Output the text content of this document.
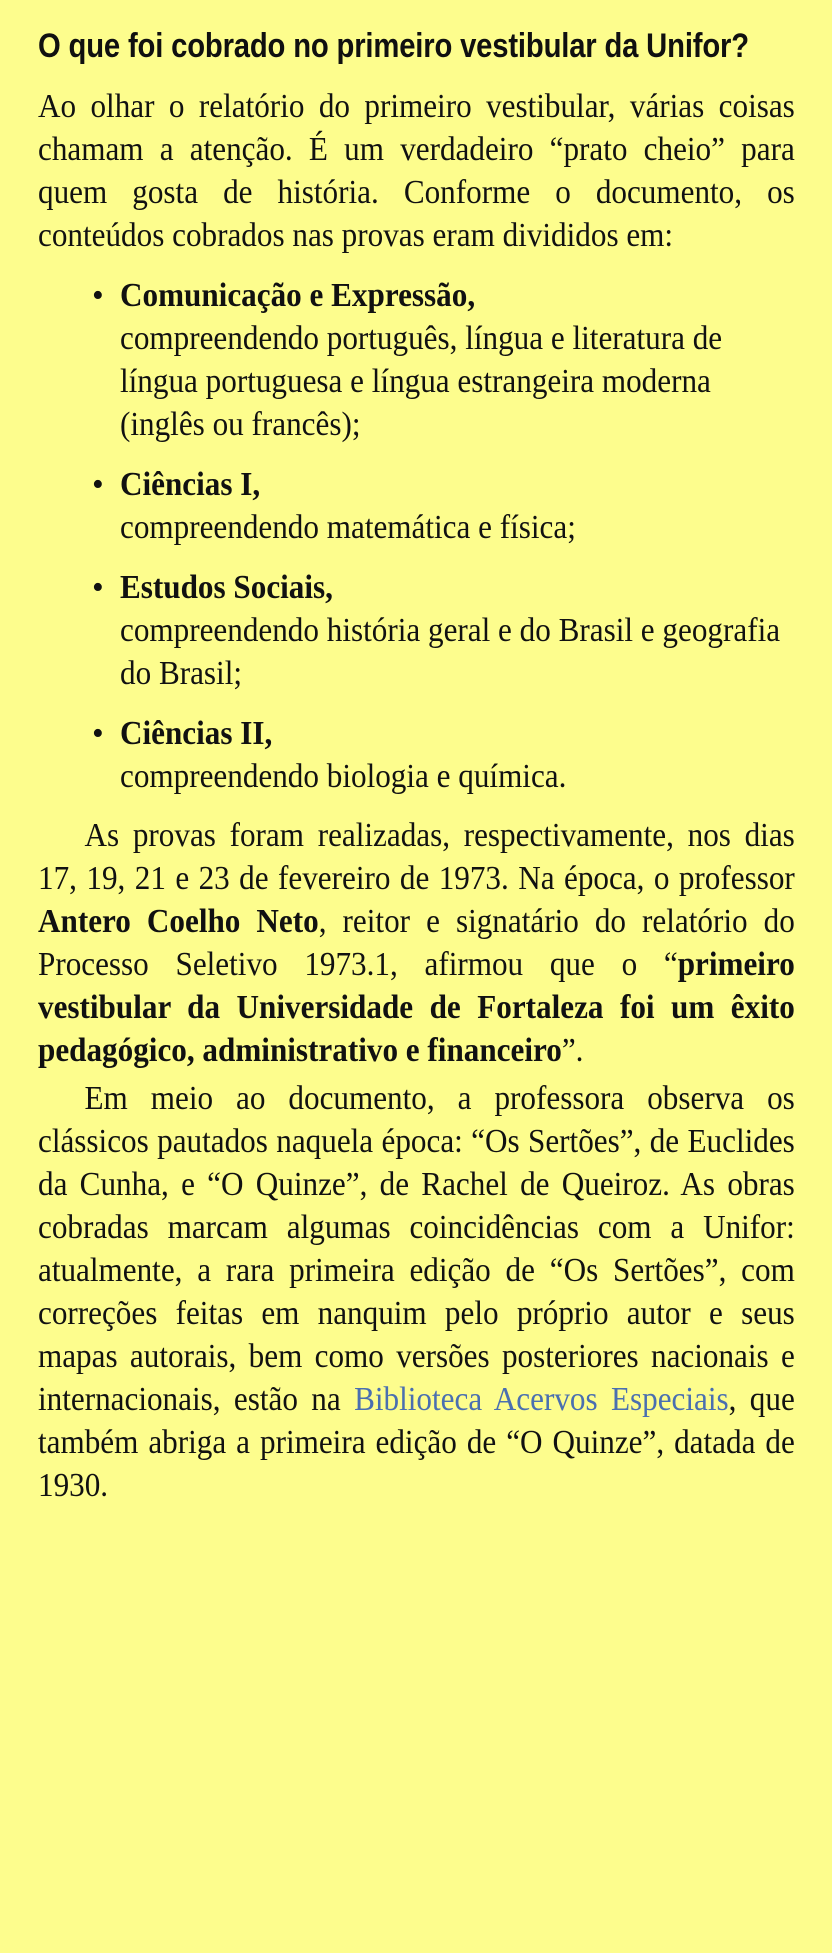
O que foi cobrado no primeiro vestibular da Unifor?

Ao olhar o relatório do primeiro vestibular, várias coisas chamam a atenção. É um verdadeiro “prato cheio” para quem gosta de história. Conforme o documento, os conteúdos cobrados nas provas eram divididos em:

• Comunicação e Expressão,
compreendendo português, língua e literatura de língua portuguesa e língua estrangeira moderna (inglês ou francês);
• Ciências I,
compreendendo matemática e física;
• Estudos Sociais,
compreendendo história geral e do Brasil e geografia do Brasil;
• Ciências II,
compreendendo biologia e química.

As provas foram realizadas, respectivamente, nos dias 17, 19, 21 e 23 de fevereiro de 1973. Na época, o professor Antero Coelho Neto, reitor e signatário do relatório do Processo Seletivo 1973.1, afirmou que o “primeiro vestibular da Universidade de Fortaleza foi um êxito pedagógico, administrativo e financeiro”.

Em meio ao documento, a professora observa os clássicos pautados naquela época: “Os Sertões”, de Euclides da Cunha, e “O Quinze”, de Rachel de Queiroz. As obras cobradas marcam algumas coincidências com a Unifor: atualmente, a rara primeira edição de “Os Sertões”, com correções feitas em nanquim pelo próprio autor e seus mapas autorais, bem como versões posteriores nacionais e internacionais, estão na Biblioteca Acervos Especiais, que também abriga a primeira edição de “O Quinze”, datada de 1930.
